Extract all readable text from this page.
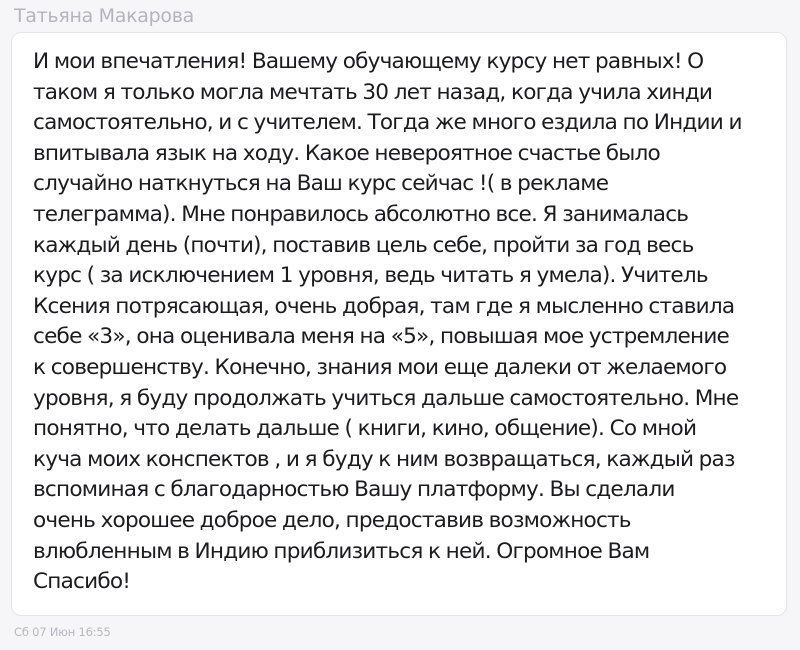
Татьяна Макарова

И мои впечатления! Вашему обучающему курсу нет равных! О
таком я только могла мечтать 30 лет назад, когда учила хинди
самостоятельно, и с учителем. Тогда же много ездила по Индии и
впитывала язык на ходу. Какое невероятное счастье было
случайно наткнуться на Ваш курс сейчас !( в рекламе
телеграмма). Мне понравилось абсолютно все. Я занималась
каждый день (почти), поставив цель себе, пройти за год весь
курс ( за исключением 1 уровня, ведь читать я умела). Учитель
Ксения потрясающая, очень добрая, там где я мысленно ставила
себе «3», она оценивала меня на «5», повышая мое устремление
к совершенству. Конечно, знания мои еще далеки от желаемого
уровня, я буду продолжать учиться дальше самостоятельно. Мне
понятно, что делать дальше ( книги, кино, общение). Со мной
куча моих конспектов , и я буду к ним возвращаться, каждый раз
вспоминая с благодарностью Вашу платформу. Вы сделали
очень хорошее доброе дело, предоставив возможность
влюбленным в Индию приблизиться к ней. Огромное Вам
Спасибо!

Сб 07 Июн 16:55
